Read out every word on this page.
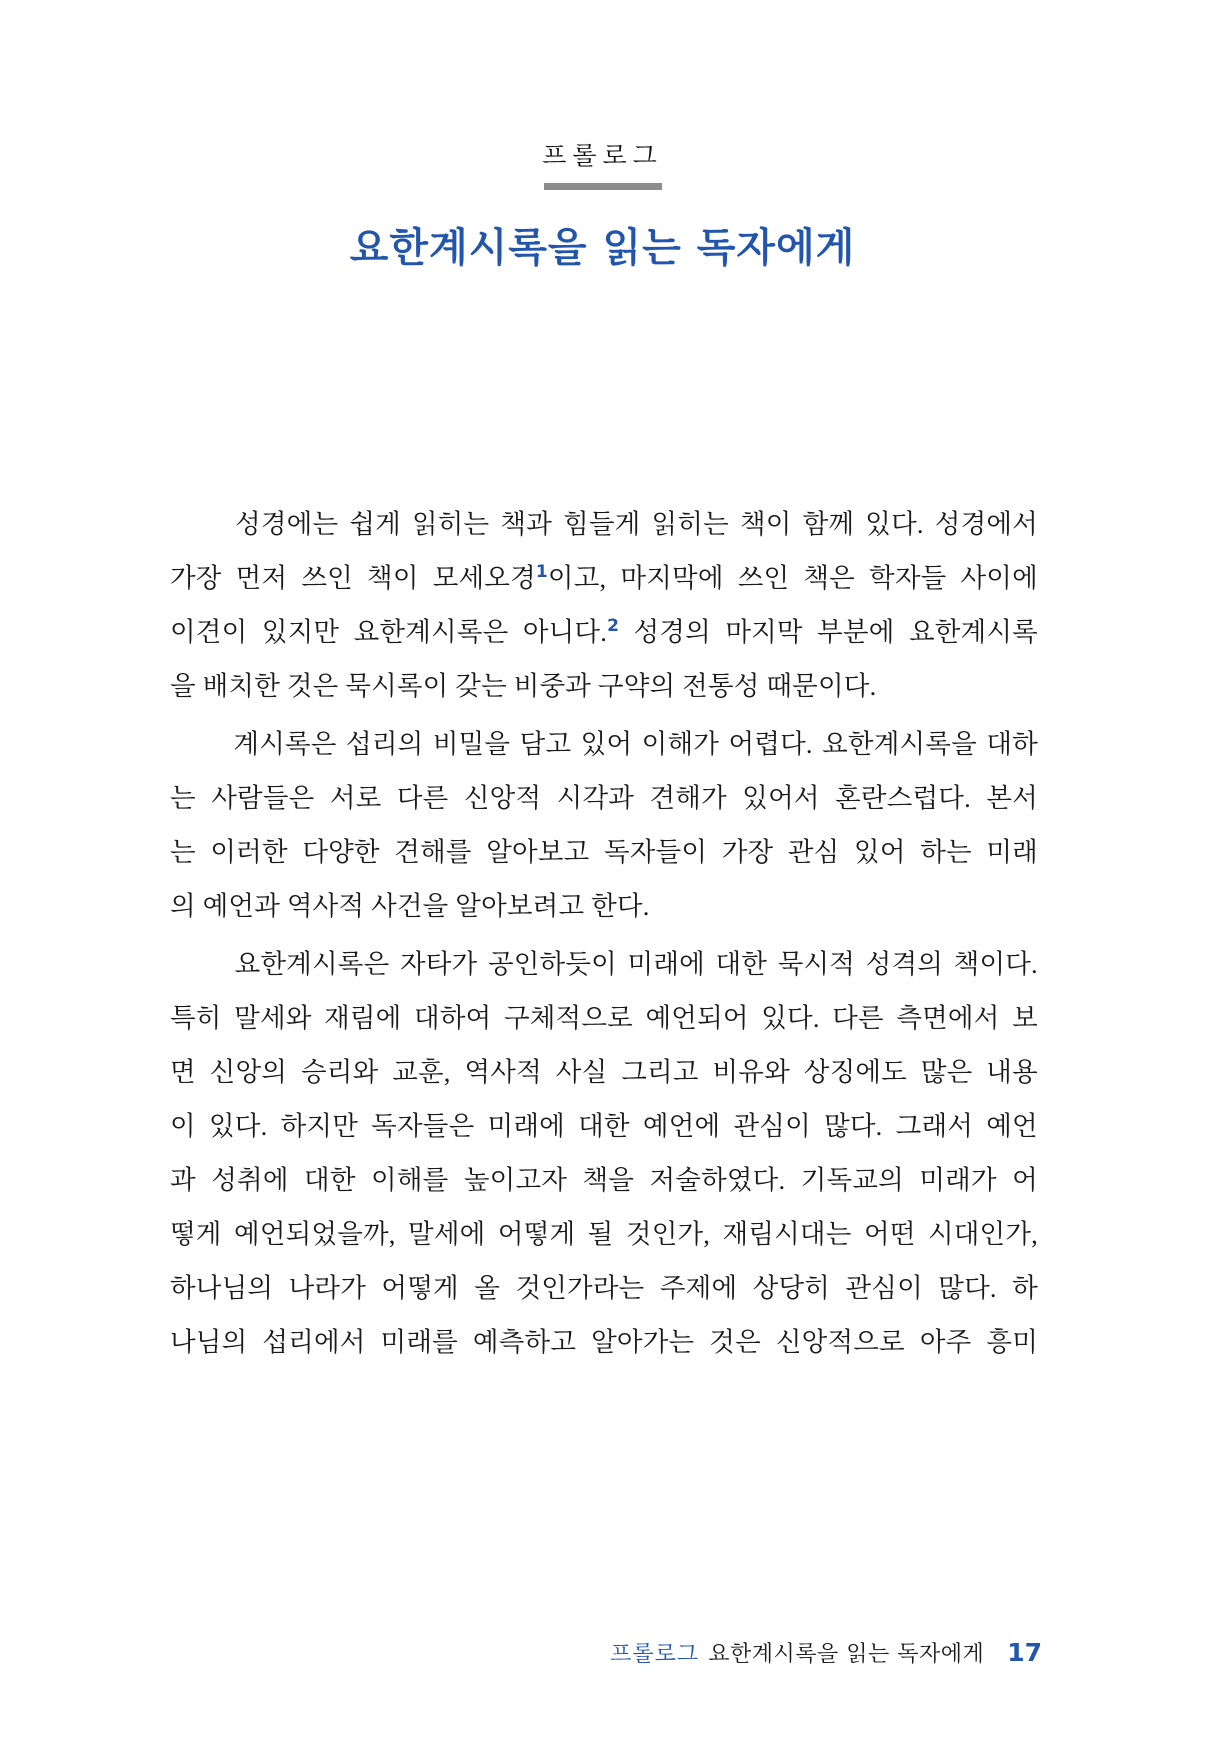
프롤로그
요한계시록을 읽는 독자에게

성경에는 쉽게 읽히는 책과 힘들게 읽히는 책이 함께 있다. 성경에서
가장 먼저 쓰인 책이 모세오경$^1$이고, 마지막에 쓰인 책은 학자들 사이에
이견이 있지만 요한계시록은 아니다.$^2$ 성경의 마지막 부분에 요한계시록
을 배치한 것은 묵시록이 갖는 비중과 구약의 전통성 때문이다.

계시록은 섭리의 비밀을 담고 있어 이해가 어렵다. 요한계시록을 대하
는 사람들은 서로 다른 신앙적 시각과 견해가 있어서 혼란스럽다. 본서
는 이러한 다양한 견해를 알아보고 독자들이 가장 관심 있어 하는 미래
의 예언과 역사적 사건을 알아보려고 한다.

요한계시록은 자타가 공인하듯이 미래에 대한 묵시적 성격의 책이다.
특히 말세와 재림에 대하여 구체적으로 예언되어 있다. 다른 측면에서 보
면 신앙의 승리와 교훈, 역사적 사실 그리고 비유와 상징에도 많은 내용
이 있다. 하지만 독자들은 미래에 대한 예언에 관심이 많다. 그래서 예언
과 성취에 대한 이해를 높이고자 책을 저술하였다. 기독교의 미래가 어
떻게 예언되었을까, 말세에 어떻게 될 것인가, 재림시대는 어떤 시대인가,
하나님의 나라가 어떻게 올 것인가라는 주제에 상당히 관심이 많다. 하
나님의 섭리에서 미래를 예측하고 알아가는 것은 신앙적으로 아주 흥미

프롤로그 요한계시록을 읽는 독자에게 17
